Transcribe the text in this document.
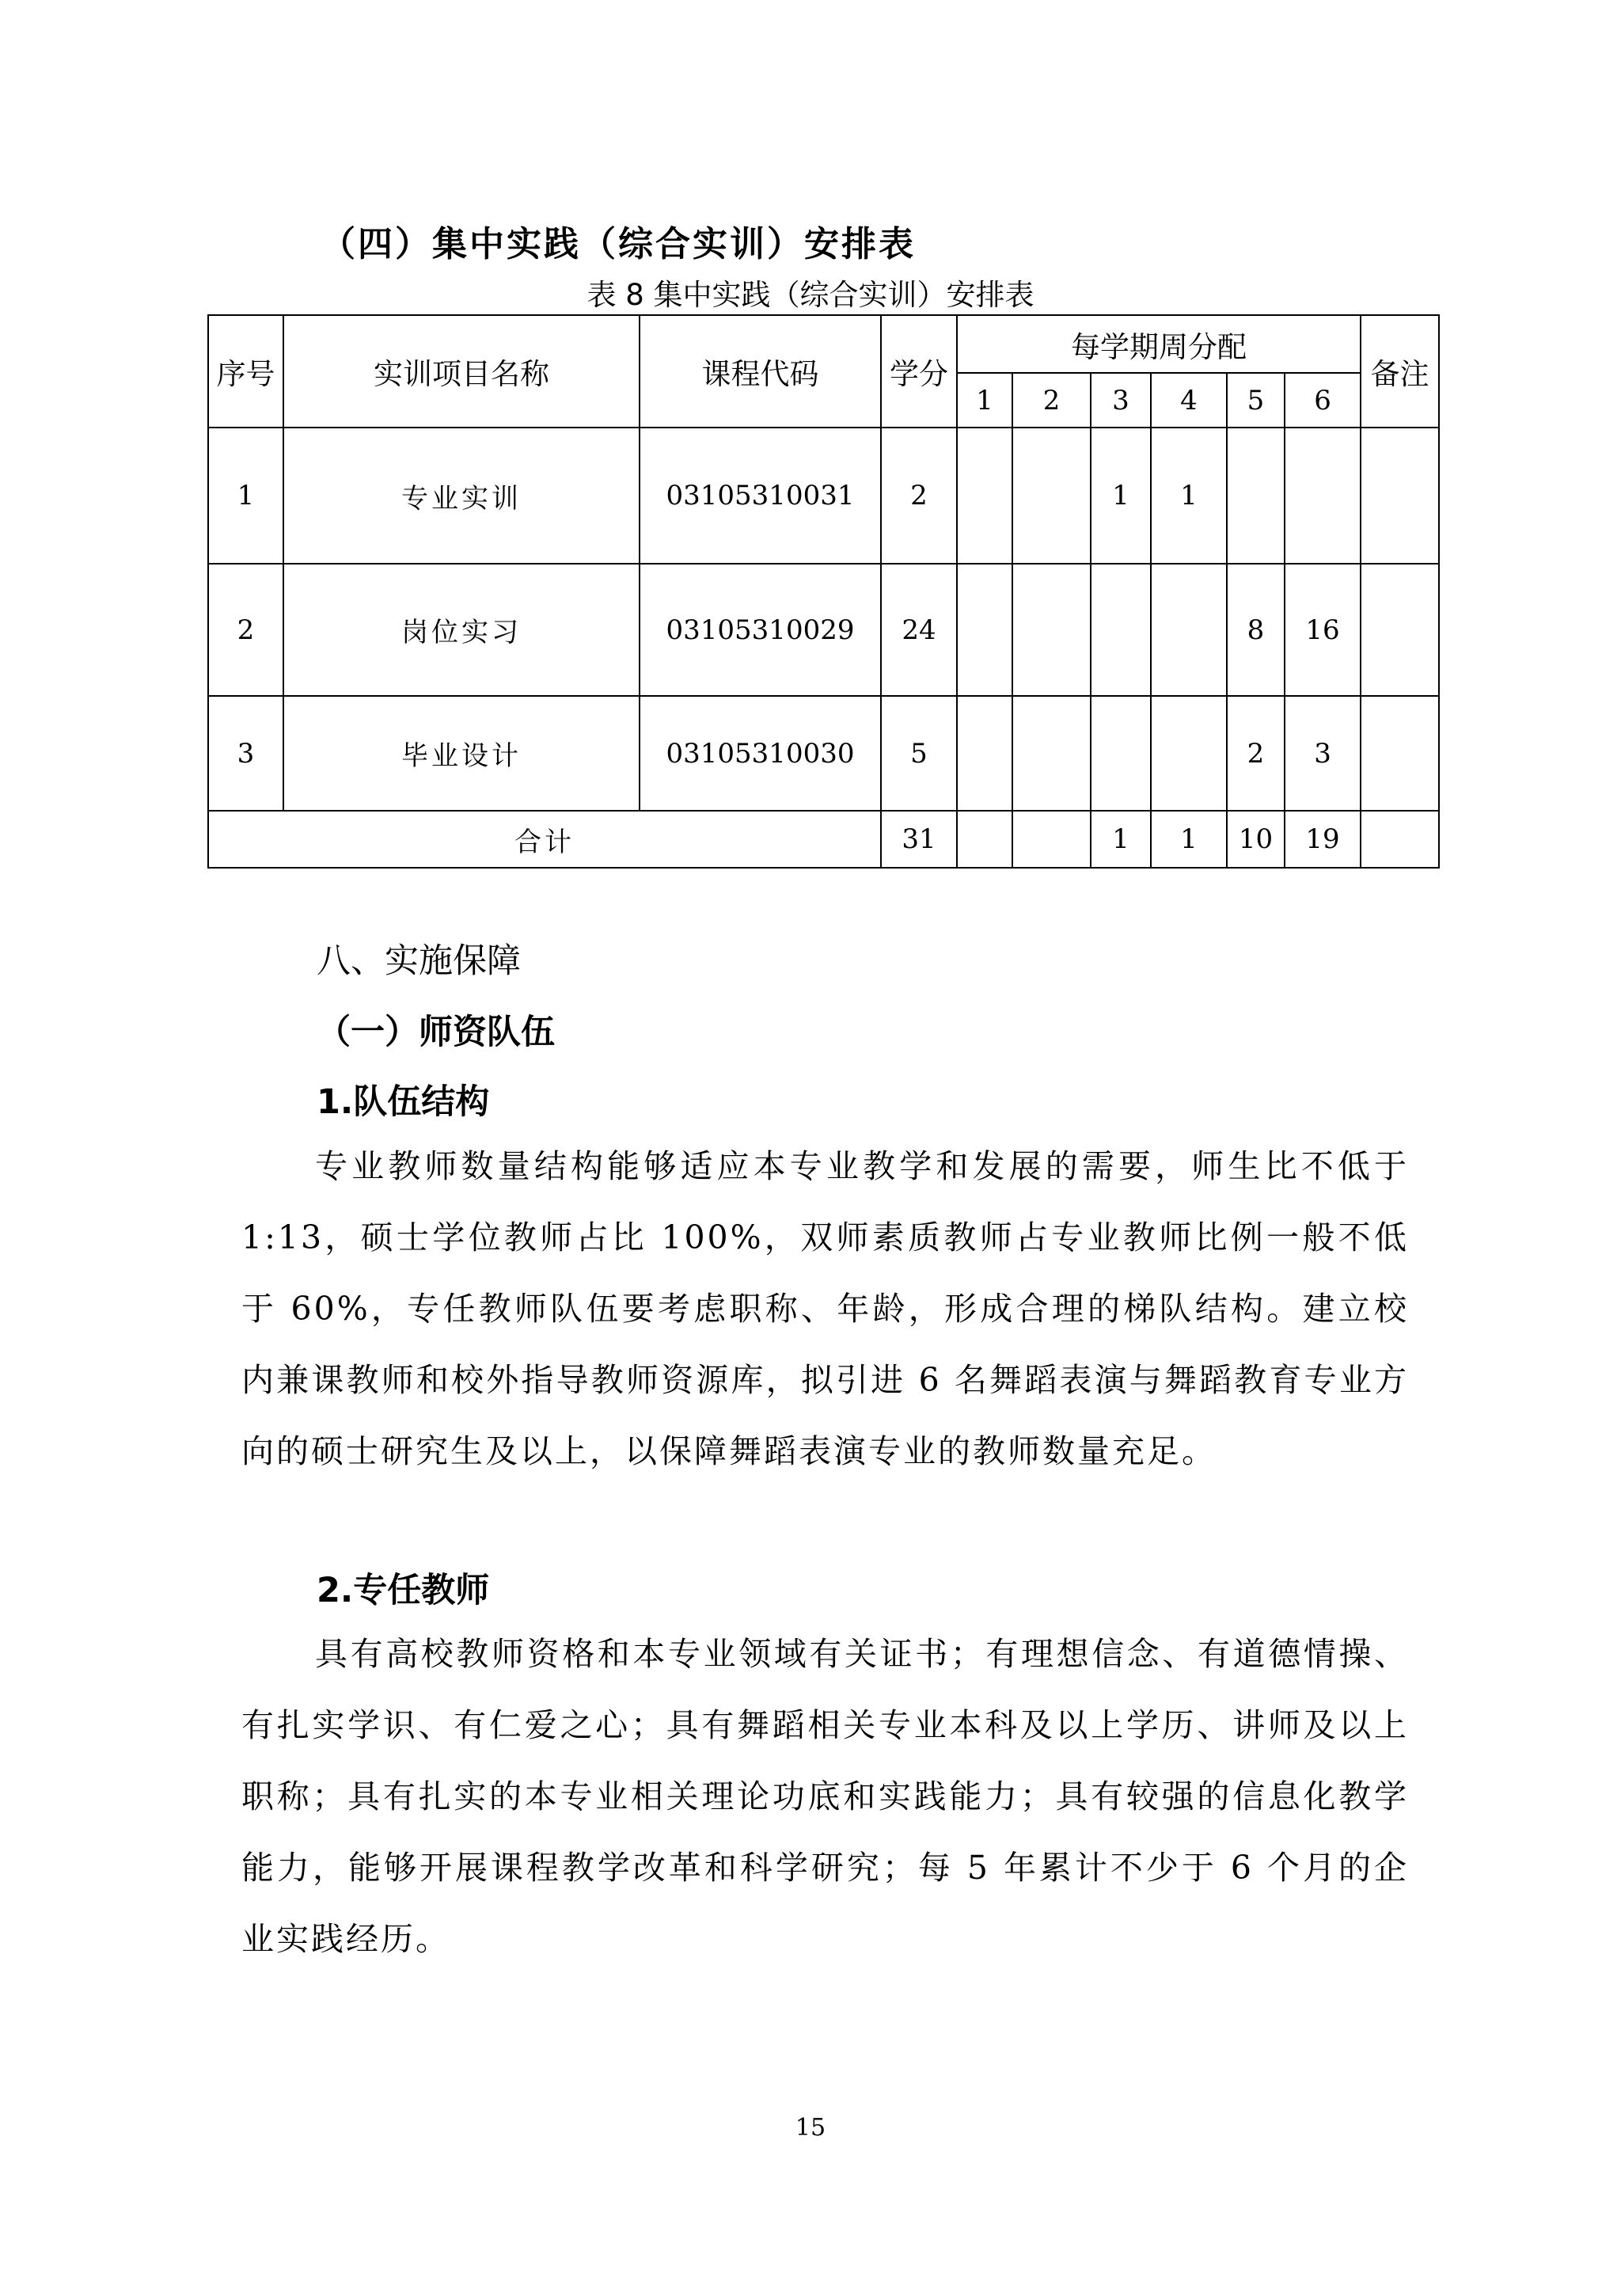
（四）集中实践（综合实训）安排表
表 8 集中实践（综合实训）安排表
序号	实训项目名称	课程代码	学分	每学期周分配						备注
				1	2	3	4	5	6	
1	专业实训	03105310031	2			1	1			
2	岗位实习	03105310029	24					8	16	
3	毕业设计	03105310030	5					2	3	
合计			31			1	1	10	19	
八、实施保障
（一）师资队伍
1.队伍结构

专业教师数量结构能够适应本专业教学和发展的需要，师生比不低于 1:13，硕士学位教师占比 100%，双师素质教师占专业教师比例一般不低于 60%，专任教师队伍要考虑职称、年龄，形成合理的梯队结构。建立校内兼课教师和校外指导教师资源库，拟引进 6 名舞蹈表演与舞蹈教育专业方向的硕士研究生及以上，以保障舞蹈表演专业的教师数量充足。

2.专任教师

具有高校教师资格和本专业领域有关证书；有理想信念、有道德情操、有扎实学识、有仁爱之心；具有舞蹈相关专业本科及以上学历、讲师及以上职称；具有扎实的本专业相关理论功底和实践能力；具有较强的信息化教学能力，能够开展课程教学改革和科学研究；每 5 年累计不少于 6 个月的企业实践经历。

15
